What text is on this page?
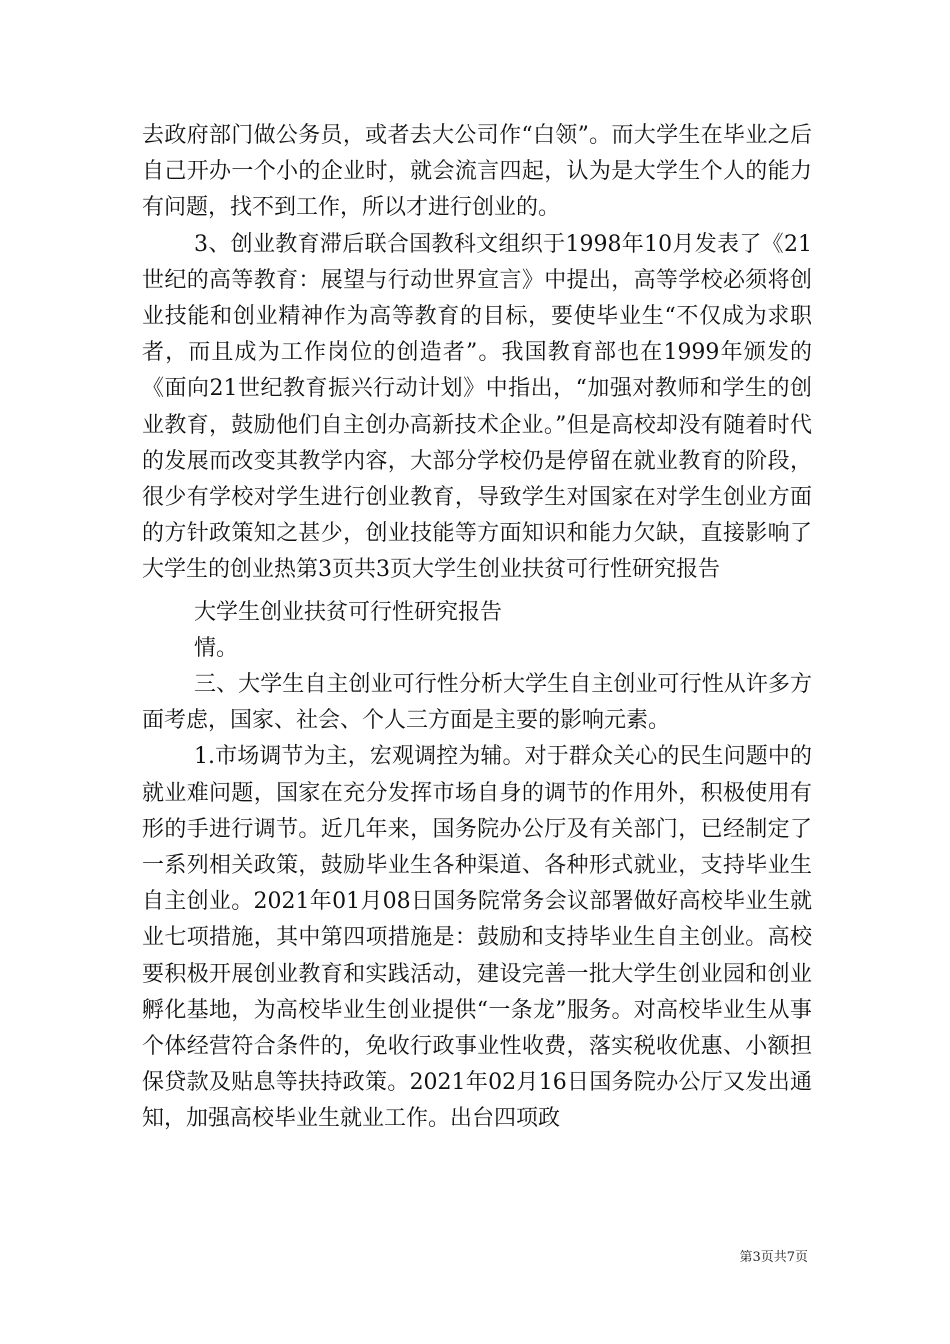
去政府部门做公务员，或者去大公司作“白领”。而大学生在毕业之后自己开办一个小的企业时，就会流言四起，认为是大学生个人的能力有问题，找不到工作，所以才进行创业的。

3、创业教育滞后联合国教科文组织于1998年10月发表了《21世纪的高等教育：展望与行动世界宣言》中提出，高等学校必须将创业技能和创业精神作为高等教育的目标，要使毕业生“不仅成为求职者，而且成为工作岗位的创造者”。我国教育部也在1999年颁发的《面向21世纪教育振兴行动计划》中指出，“加强对教师和学生的创业教育，鼓励他们自主创办高新技术企业。”但是高校却没有随着时代的发展而改变其教学内容，大部分学校仍是停留在就业教育的阶段，很少有学校对学生进行创业教育，导致学生对国家在对学生创业方面的方针政策知之甚少，创业技能等方面知识和能力欠缺，直接影响了大学生的创业热第3页共3页大学生创业扶贫可行性研究报告

大学生创业扶贫可行性研究报告

情。

三、大学生自主创业可行性分析大学生自主创业可行性从许多方面考虑，国家、社会、个人三方面是主要的影响元素。

1.市场调节为主，宏观调控为辅。对于群众关心的民生问题中的就业难问题，国家在充分发挥市场自身的调节的作用外，积极使用有形的手进行调节。近几年来，国务院办公厅及有关部门，已经制定了一系列相关政策，鼓励毕业生各种渠道、各种形式就业，支持毕业生自主创业。2021年01月08日国务院常务会议部署做好高校毕业生就业七项措施，其中第四项措施是：鼓励和支持毕业生自主创业。高校要积极开展创业教育和实践活动，建设完善一批大学生创业园和创业孵化基地，为高校毕业生创业提供“一条龙”服务。对高校毕业生从事个体经营符合条件的，免收行政事业性收费，落实税收优惠、小额担保贷款及贴息等扶持政策。2021年02月16日国务院办公厅又发出通知，加强高校毕业生就业工作。出台四项政

第3页共7页
